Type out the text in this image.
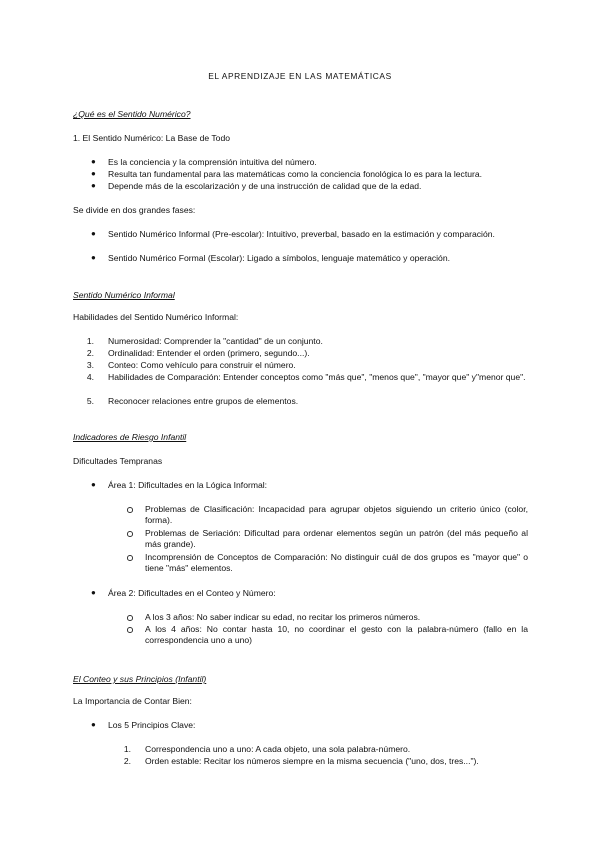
EL APRENDIZAJE EN LAS MATEMÁTICAS
¿Qué es el Sentido Numérico?
1. El Sentido Numérico: La Base de Todo
● Es la conciencia y la comprensión intuitiva del número.
● Resulta tan fundamental para las matemáticas como la conciencia fonológica lo es para la lectura.
● Depende más de la escolarización y de una instrucción de calidad que de la edad.
Se divide en dos grandes fases:
● Sentido Numérico Informal (Pre-escolar): Intuitivo, preverbal, basado en la estimación y comparación.
● Sentido Numérico Formal (Escolar): Ligado a símbolos, lenguaje matemático y operación.
Sentido Numérico Informal
Habilidades del Sentido Numérico Informal:
1. Numerosidad: Comprender la "cantidad" de un conjunto.
2. Ordinalidad: Entender el orden (primero, segundo...).
3. Conteo: Como vehículo para construir el número.
4. Habilidades de Comparación: Entender conceptos como "más que", "menos que", "mayor que" y"menor que".
5. Reconocer relaciones entre grupos de elementos.
Indicadores de Riesgo Infantil
Dificultades Tempranas
● Área 1: Dificultades en la Lógica Informal:
Problemas de Clasificación: Incapacidad para agrupar objetos siguiendo un criterio único (color, forma).
Problemas de Seriación: Dificultad para ordenar elementos según un patrón (del más pequeño al más grande).
Incomprensión de Conceptos de Comparación: No distinguir cuál de dos grupos es "mayor que" o tiene "más" elementos.
● Área 2: Dificultades en el Conteo y Número:
A los 3 años: No saber indicar su edad, no recitar los primeros números.
A los 4 años: No contar hasta 10, no coordinar el gesto con la palabra-número (fallo en la correspondencia uno a uno)
El Conteo y sus Principios (Infantil)
La Importancia de Contar Bien:
● Los 5 Principios Clave:
1. Correspondencia uno a uno: A cada objeto, una sola palabra-número.
2. Orden estable: Recitar los números siempre en la misma secuencia ("uno, dos, tres...").
